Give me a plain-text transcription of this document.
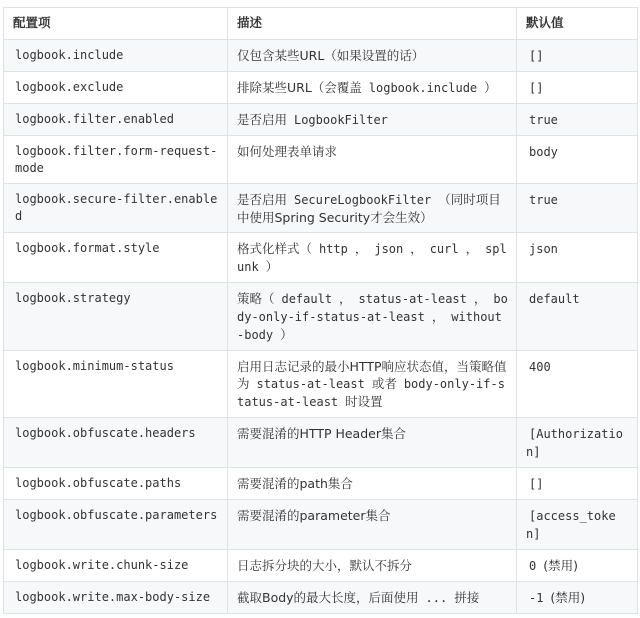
配置项	描述	默认值
logbook.include	仅包含某些URL（如果设置的话）	[]
logbook.exclude	排除某些URL（会覆盖 logbook.include ）	[]
logbook.filter.enabled	是否启用 LogbookFilter	true
logbook.filter.form-request-mode	如何处理表单请求	body
logbook.secure-filter.enabled	是否启用 SecureLogbookFilter （同时项目中使用Spring Security才会生效）	true
logbook.format.style	格式化样式（ http ， json ， curl ， splunk ）	json
logbook.strategy	策略（ default ， status-at-least ， body-only-if-status-at-least ， without-body ）	default
logbook.minimum-status	启用日志记录的最小HTTP响应状态值，当策略值为 status-at-least 或者 body-only-if-status-at-least 时设置	400
logbook.obfuscate.headers	需要混淆的HTTP Header集合	[Authorization]
logbook.obfuscate.paths	需要混淆的path集合	[]
logbook.obfuscate.parameters	需要混淆的parameter集合	[access_token]
logbook.write.chunk-size	日志拆分块的大小，默认不拆分	0 (禁用)
logbook.write.max-body-size	截取Body的最大长度，后面使用 ... 拼接	-1 (禁用)
